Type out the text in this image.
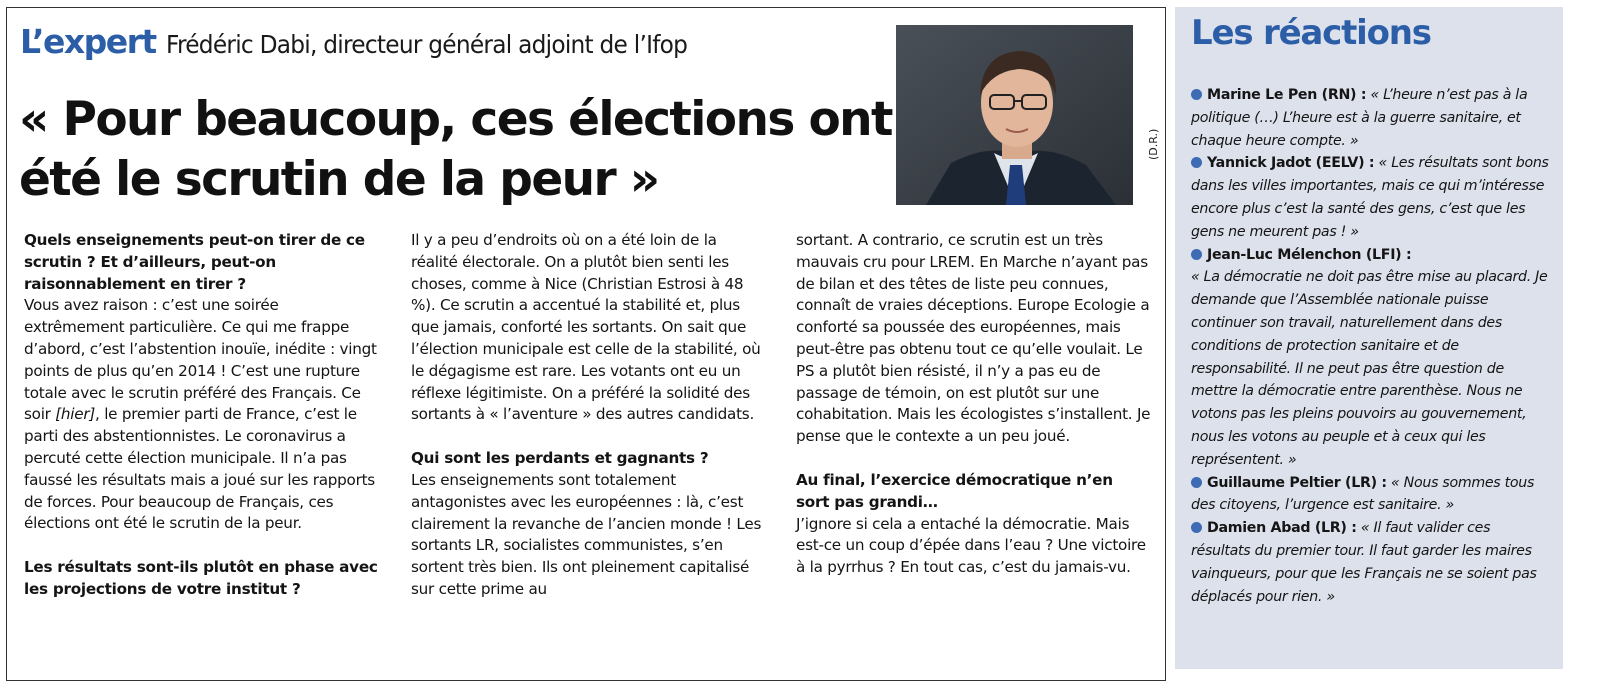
L’expert Frédéric Dabi, directeur général adjoint de l’Ifop
« Pour beaucoup, ces élections ont été le scrutin de la peur »
(D.R.)

Quels enseignements peut-on tirer de ce scrutin ? Et d’ailleurs, peut-on raisonnablement en tirer ?

Vous avez raison : c’est une soirée extrêmement particulière. Ce qui me frappe d’abord, c’est l’abstention inouïe, inédite : vingt points de plus qu’en 2014 ! C’est une rupture totale avec le scrutin préféré des Français. Ce soir [hier], le premier parti de France, c’est le parti des abstentionnistes. Le coronavirus a percuté cette élection municipale. Il n’a pas faussé les résultats mais a joué sur les rapports de forces. Pour beaucoup de Français, ces élections ont été le scrutin de la peur.

Les résultats sont-ils plutôt en phase avec les projections de votre institut ?

Il y a peu d’endroits où on a été loin de la réalité électorale. On a plutôt bien senti les choses, comme à Nice (Christian Estrosi à 48 %). Ce scrutin a accentué la stabilité et, plus que jamais, conforté les sortants. On sait que l’élection municipale est celle de la stabilité, où le dégagisme est rare. Les votants ont eu un réflexe légitimiste. On a préféré la solidité des sortants à « l’aventure » des autres candidats.

Qui sont les perdants et gagnants ?

Les enseignements sont totalement antagonistes avec les européennes : là, c’est clairement la revanche de l’ancien monde ! Les sortants LR, socialistes communistes, s’en sortent très bien. Ils ont pleinement capitalisé sur cette prime au

sortant. A contrario, ce scrutin est un très mauvais cru pour LREM. En Marche n’ayant pas de bilan et des têtes de liste peu connues, connaît de vraies déceptions. Europe Ecologie a conforté sa poussée des européennes, mais peut-être pas obtenu tout ce qu’elle voulait. Le PS a plutôt bien résisté, il n’y a pas eu de passage de témoin, on est plutôt sur une cohabitation. Mais les écologistes s’installent. Je pense que le contexte a un peu joué.

Au final, l’exercice démocratique n’en sort pas grandi…

J’ignore si cela a entaché la démocratie. Mais est-ce un coup d’épée dans l’eau ? Une victoire à la pyrrhus ? En tout cas, c’est du jamais-vu.

Les réactions
Marine Le Pen (RN) : « L’heure n’est pas à la politique (…) L’heure est à la guerre sanitaire, et chaque heure compte. »
Yannick Jadot (EELV) : « Les résultats sont bons dans les villes importantes, mais ce qui m’intéresse encore plus c’est la santé des gens, c’est que les gens ne meurent pas ! »
Jean-Luc Mélenchon (LFI) :
« La démocratie ne doit pas être mise au placard. Je demande que l’Assemblée nationale puisse continuer son travail, naturellement dans des conditions de protection sanitaire et de responsabilité. Il ne peut pas être question de mettre la démocratie entre parenthèse. Nous ne votons pas les pleins pouvoirs au gouvernement, nous les votons au peuple et à ceux qui les représentent. »
Guillaume Peltier (LR) : « Nous sommes tous des citoyens, l’urgence est sanitaire. »
Damien Abad (LR) : « Il faut valider ces résultats du premier tour. Il faut garder les maires vainqueurs, pour que les Français ne se soient pas déplacés pour rien. »
